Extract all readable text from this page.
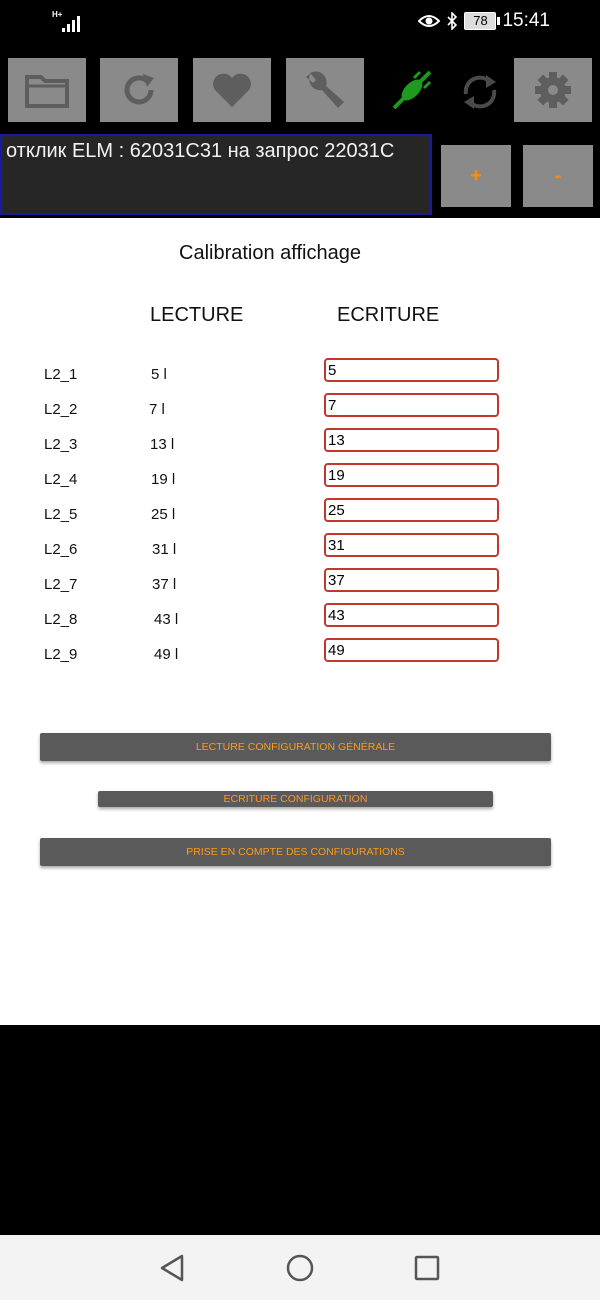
H+	78 15:41
отклик ELM : 62031C31 на запрос 22031C
+	-
Calibration affichage
LECTURE	ECRITURE
L2_1	5 l
5
L2_2	7 l
7
L2_3	13 l
13
L2_4	19 l
19
L2_5	25 l
25
L2_6	31 l
31
L2_7	37 l
37
L2_8	43 l
43
L2_9	49 l
49
LECTURE CONFIGURATION GÉNÉRALE
ECRITURE CONFIGURATION
PRISE EN COMPTE DES CONFIGURATIONS
